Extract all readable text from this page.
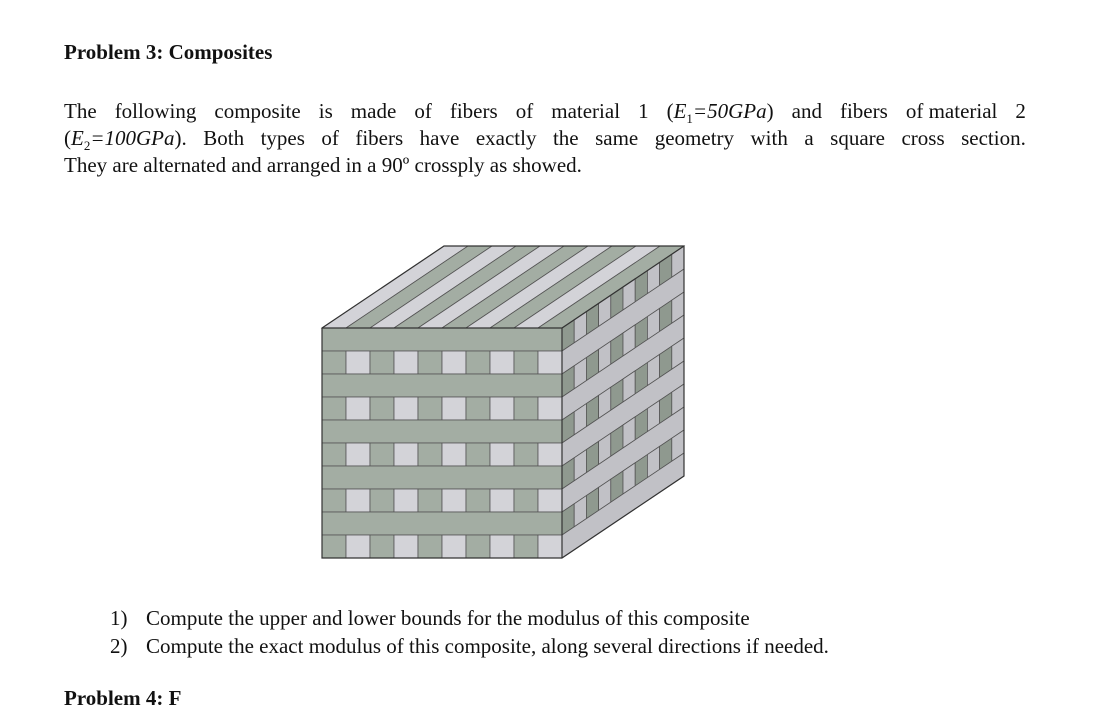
Problem 3: Composites
The following composite is made of fibers of material 1 $(E_1=50GPa)$ and fibers of material 2
$(E_2=100GPa)$. Both types of fibers have exactly the same geometry with a square cross section.
They are alternated and arranged in a 90º crossply as showed.
1) Compute the upper and lower bounds for the modulus of this composite
2) Compute the exact modulus of this composite, along several directions if needed.
Problem 4: F
